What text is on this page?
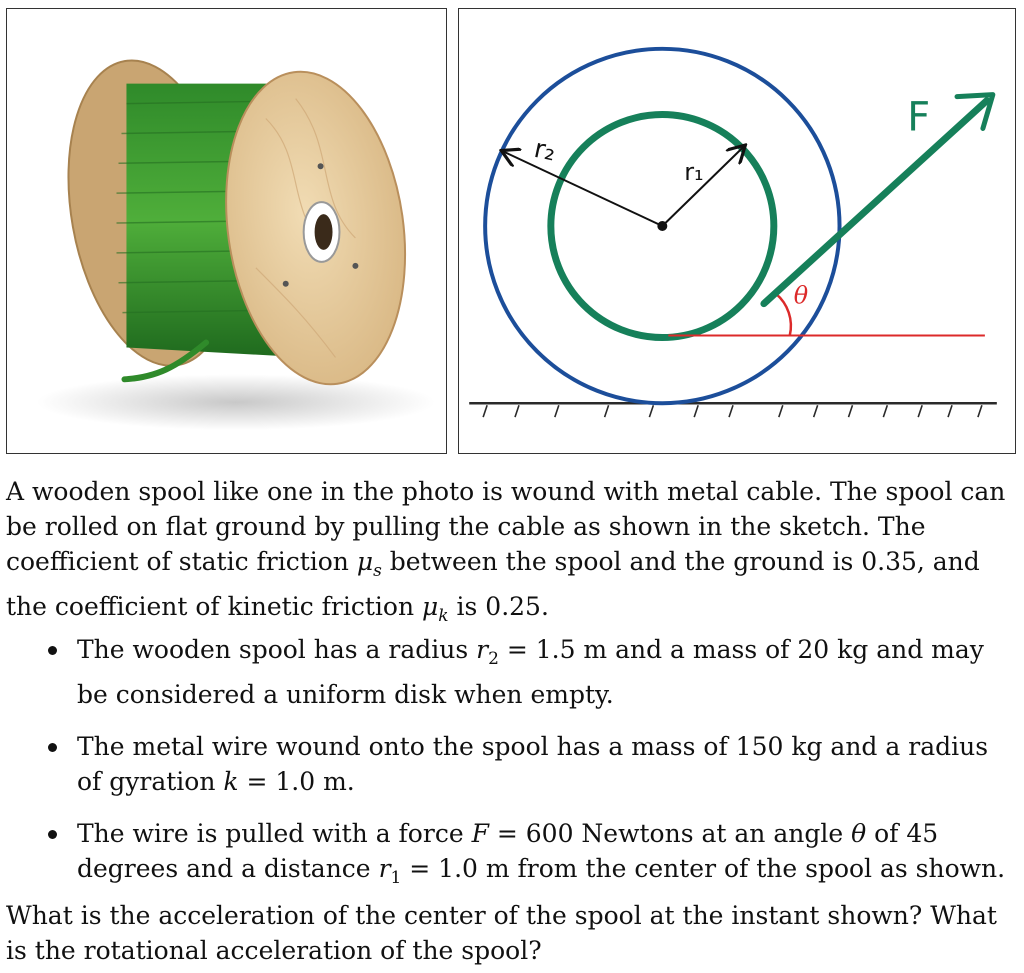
θ
F
r₂
r₁
A wooden spool like one in the photo is wound with metal cable. The spool can be rolled on flat ground by pulling the cable as shown in the sketch. The coefficient of static friction $\mu_s$ between the spool and the ground is 0.35, and the coefficient of kinetic friction $\mu_k$ is 0.25.
The wooden spool has a radius $r_2 = 1.5$ m and a mass of 20 kg and may be considered a uniform disk when empty.
The metal wire wound onto the spool has a mass of 150 kg and a radius of gyration k = 1.0 m.
The wire is pulled with a force F = 600 Newtons at an angle θ of 45 degrees and a distance $r_1 = 1.0$ m from the center of the spool as shown.
What is the acceleration of the center of the spool at the instant shown? What is the rotational acceleration of the spool?
